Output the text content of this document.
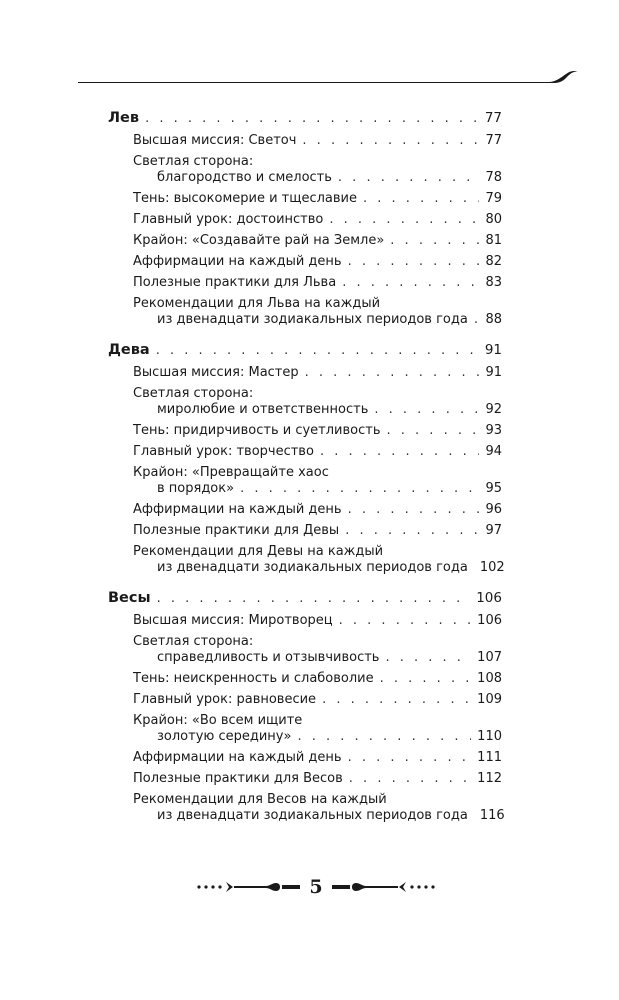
Лев . . .	77
Высшая миссия: Светоч . . .	77
Светлая сторона:
благородство и смелость . . .	78
Тень: высокомерие и тщеславие . . .	79
Главный урок: достоинство . . .	80
Крайон: «Создавайте рай на Земле» . . .	81
Аффирмации на каждый день . . .	82
Полезные практики для Льва . . .	83
Рекомендации для Льва на каждый
из двенадцати зодиакальных периодов года . . . 88
Дева . . .	91
Высшая миссия: Мастер . . .	91
Светлая сторона:
миролюбие и ответственность . . .	92
Тень: придирчивость и суетливость . . .	93
Главный урок: творчество . . .	94
Крайон: «Превращайте хаос
в порядок» . . .	95
Аффирмации на каждый день . . .	96
Полезные практики для Девы . . .	97
Рекомендации для Девы на каждый
из двенадцати зодиакальных периодов года 102
Весы . . .	106
Высшая миссия: Миротворец . . .	106
Светлая сторона:
справедливость и отзывчивость . . .	107
Тень: неискренность и слабоволие . . .	108
Главный урок: равновесие . . .	109
Крайон: «Во всем ищите
золотую середину» . . .	110
Аффирмации на каждый день . . .	111
Полезные практики для Весов . . .	112
Рекомендации для Весов на каждый
из двенадцати зодиакальных периодов года 116
5
